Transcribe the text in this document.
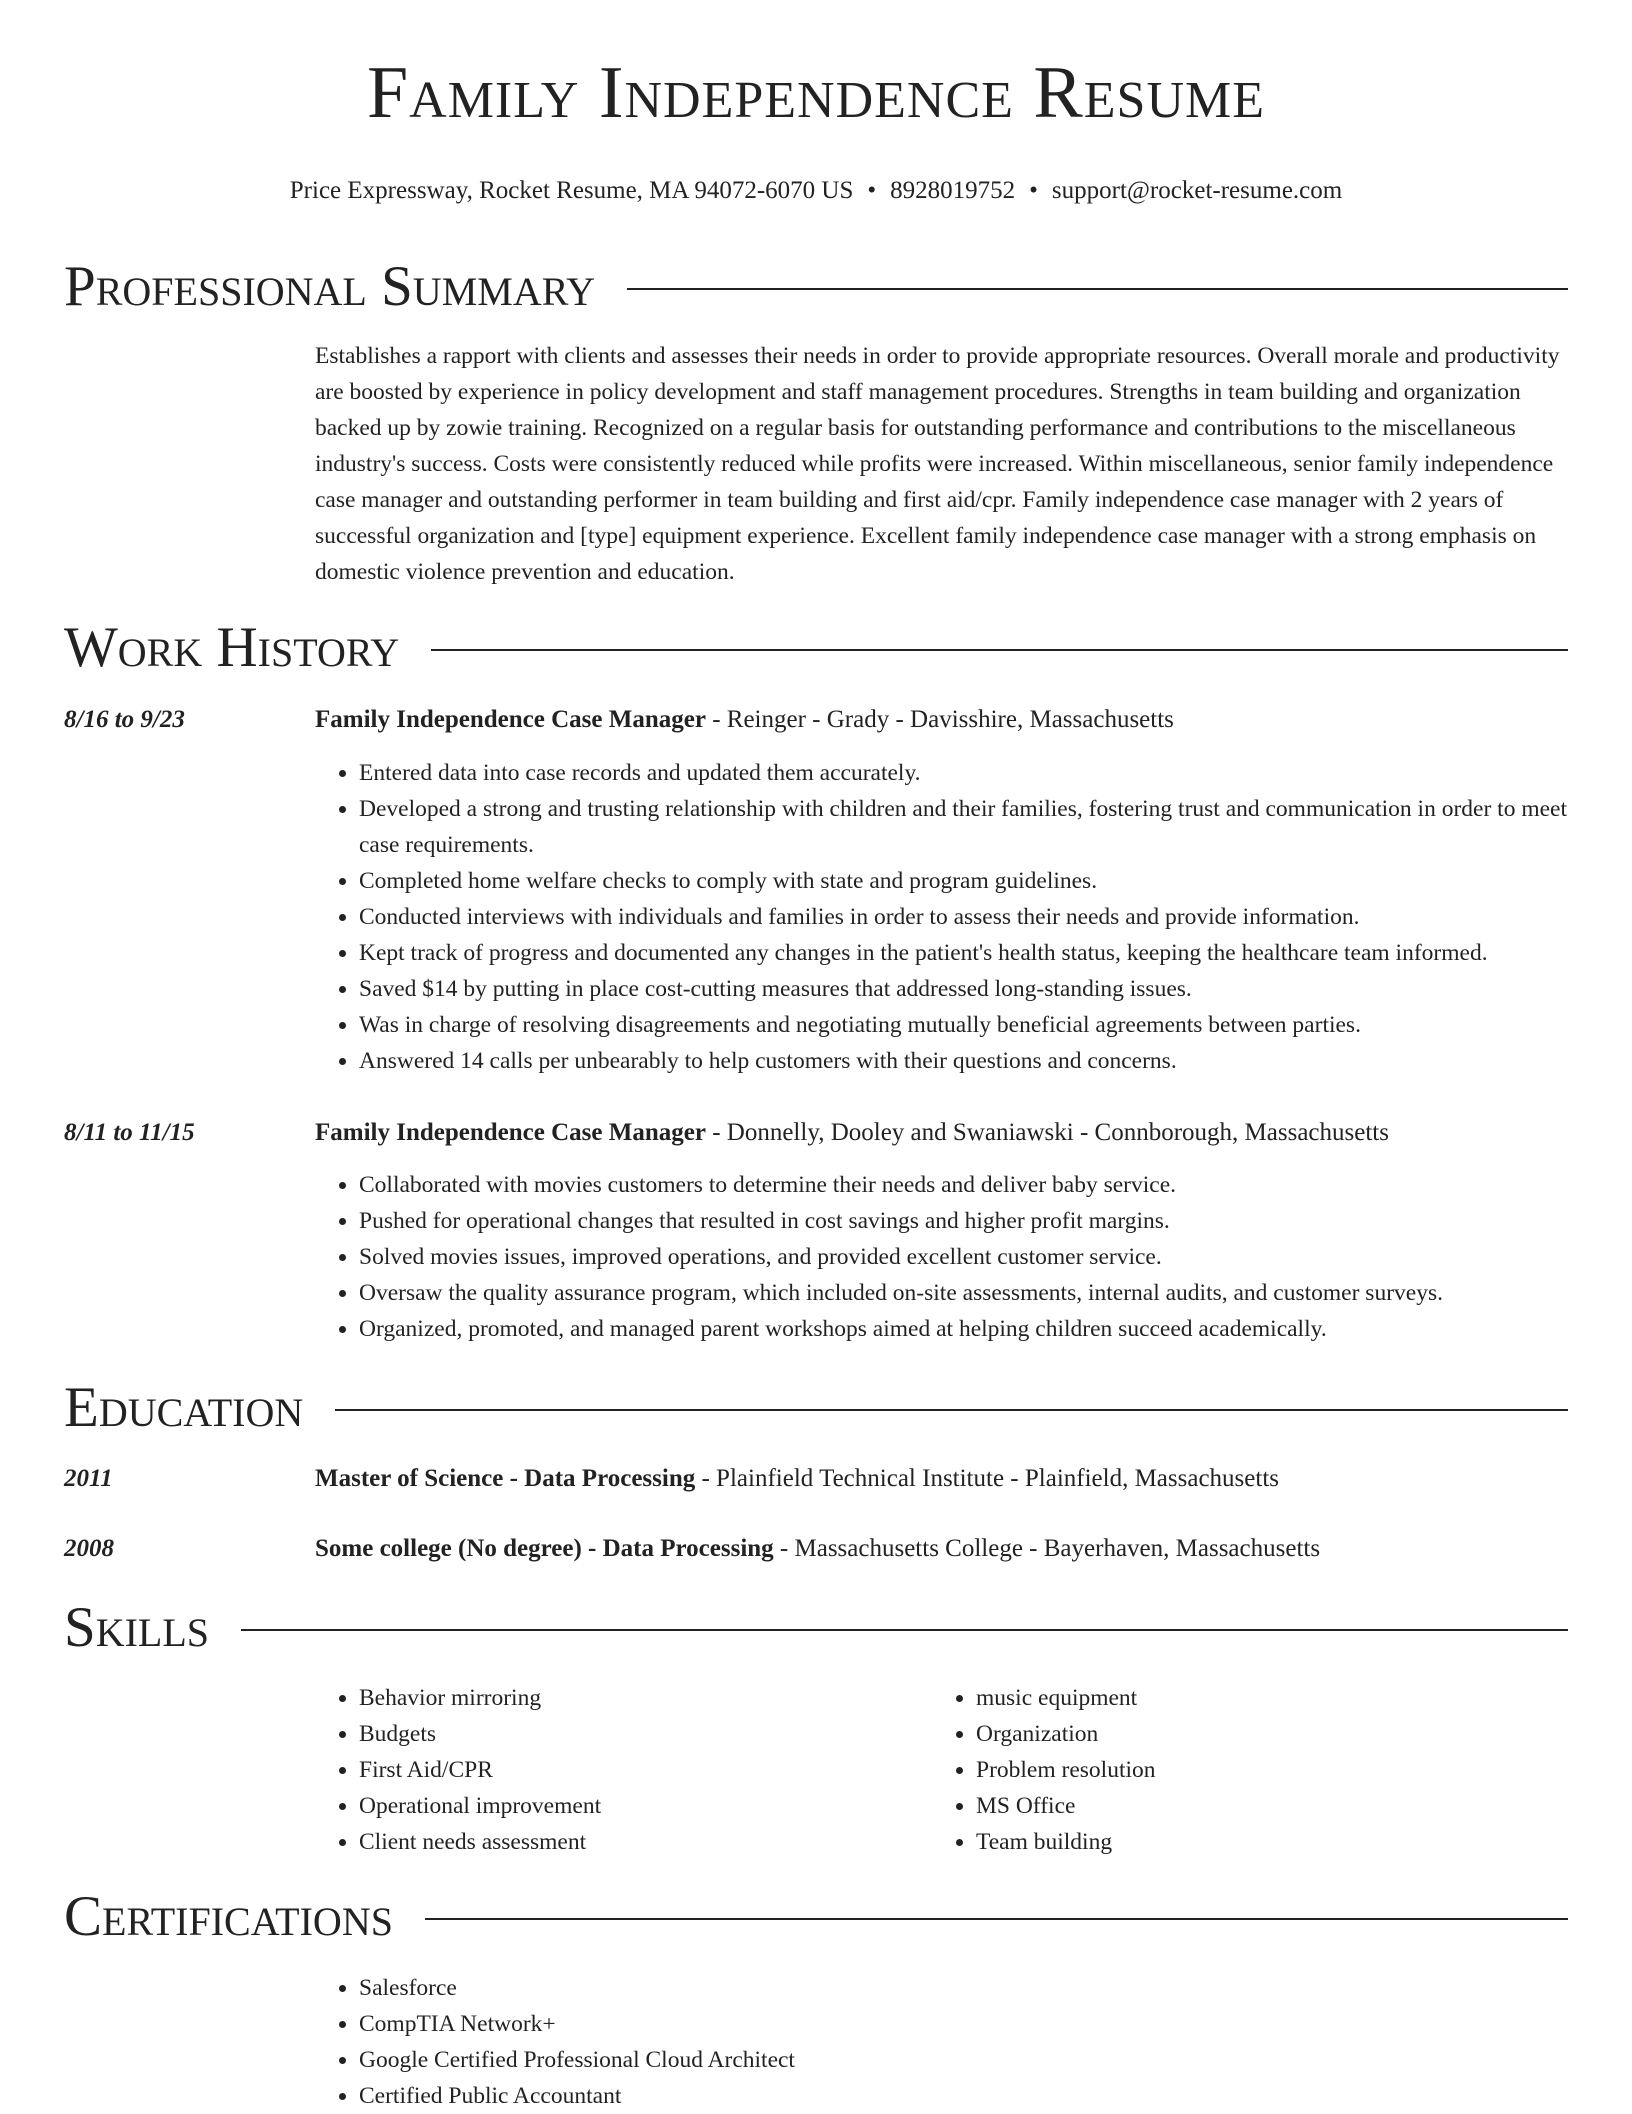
Family Independence Resume
Price Expressway, Rocket Resume, MA 94072-6070 US • 8928019752 • support@rocket-resume.com
Professional Summary

Establishes a rapport with clients and assesses their needs in order to provide appropriate resources. Overall morale and productivity are boosted by experience in policy development and staff management procedures. Strengths in team building and organization backed up by zowie training. Recognized on a regular basis for outstanding performance and contributions to the miscellaneous industry's success. Costs were consistently reduced while profits were increased. Within miscellaneous, senior family independence case manager and outstanding performer in team building and first aid/cpr. Family independence case manager with 2 years of successful organization and [type] equipment experience. Excellent family independence case manager with a strong emphasis on domestic violence prevention and education.

Work History
8/16 to 9/23	Family Independence Case Manager - Reinger - Grady - Davisshire, Massachusetts
• Entered data into case records and updated them accurately.
• Developed a strong and trusting relationship with children and their families, fostering trust and communication in order to meet case requirements.
• Completed home welfare checks to comply with state and program guidelines.
• Conducted interviews with individuals and families in order to assess their needs and provide information.
• Kept track of progress and documented any changes in the patient's health status, keeping the healthcare team informed.
• Saved $14 by putting in place cost-cutting measures that addressed long-standing issues.
• Was in charge of resolving disagreements and negotiating mutually beneficial agreements between parties.
• Answered 14 calls per unbearably to help customers with their questions and concerns.
8/11 to 11/15	Family Independence Case Manager - Donnelly, Dooley and Swaniawski - Connborough, Massachusetts
• Collaborated with movies customers to determine their needs and deliver baby service.
• Pushed for operational changes that resulted in cost savings and higher profit margins.
• Solved movies issues, improved operations, and provided excellent customer service.
• Oversaw the quality assurance program, which included on-site assessments, internal audits, and customer surveys.
• Organized, promoted, and managed parent workshops aimed at helping children succeed academically.
Education
2011	Master of Science - Data Processing - Plainfield Technical Institute - Plainfield, Massachusetts
2008	Some college (No degree) - Data Processing - Massachusetts College - Bayerhaven, Massachusetts
Skills
• Behavior mirroring
• Budgets
• First Aid/CPR
• Operational improvement
• Client needs assessment
• music equipment
• Organization
• Problem resolution
• MS Office
• Team building
Certifications
• Salesforce
• CompTIA Network+
• Google Certified Professional Cloud Architect
• Certified Public Accountant
